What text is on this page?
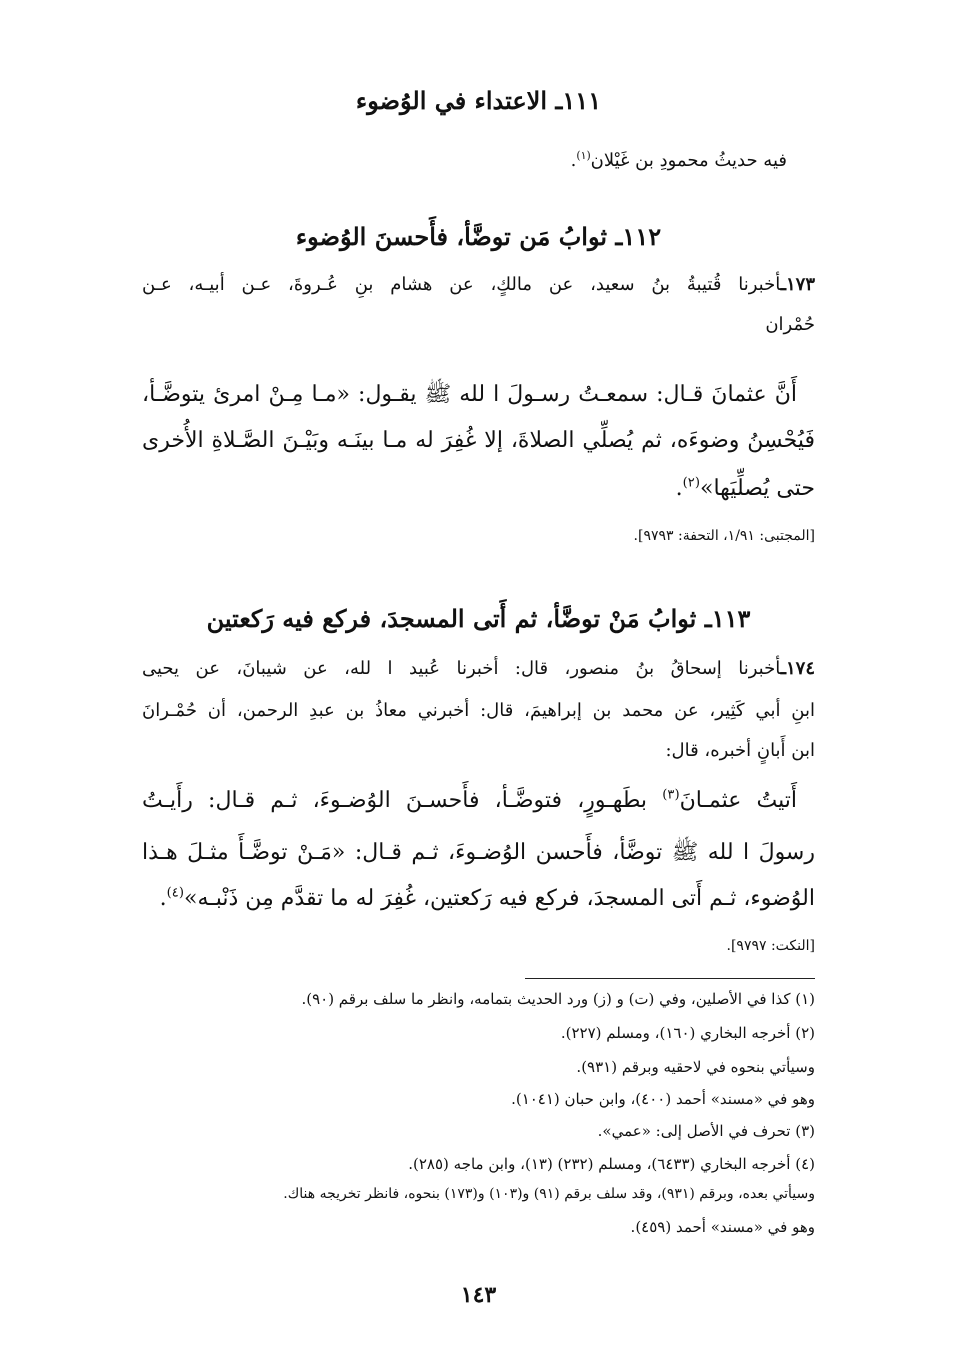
١١١ـ الاعتداء في الوُضوء
فيه حديثُ محمودِ بن غَيْلان$^{(١)}$.
١١٢ـ ثوابُ مَن توضَّأ، فأَحسنَ الوُضوء
١٧٣ـأخبرنا قُتيبةُ بنُ سعيد، عن مالكٍ، عن هشام بنِ عُـروةَ، عـن أبيـه، عـن
حُمْران
أَنَّ عثمانَ قـال: سمعـتُ رسـولَ ا لله ﷺ يقـول: «مـا مِـنْ امرئ يتوضَّـأ،
فَيُحْسِنُ وضوءَه، ثم يُصلِّي الصلاةَ، إلا غُفِرَ له مـا بينَـه وبَيْـنَ الصَّـلاةِ الأُخرى
حتى يُصلِّيَها»$^{(٢)}$.
[المجتبى: ١/٩١، التحفة: ٩٧٩٣].
١١٣ـ ثوابُ مَنْ توضَّأ، ثم أَتى المسجدَ، فركع فيه رَكعتين
١٧٤ـأخبرنا إسحاقُ بنُ منصور، قال: أخبرنا عُبيد ا لله، عن شيبانَ، عن يحيى
ابنِ أبي كَثِير، عن محمد بن إبراهيمَ، قال: أخبرني معاذُ بن عبدِ الرحمن، أن حُمْـرانَ
ابن أَبانٍ أخبره، قال:
أَتيتُ عثمـانَ$^{(٣)}$ بطَهـورٍ، فتوضَّـأ، فأَحسـنَ الوُضـوءَ، ثـم قـال: رأَيـتُ
رسولَ ا لله ﷺ توضَّأ، فأَحسن الوُضـوءَ، ثـم قـال: «مَـنْ توضَّـأَ مثـلَ هـذا
الوُضوء، ثـم أَتى المسجدَ، فركع فيه رَكعتين، غُفِرَ له ما تقدَّم مِن ذَنْبـه»$^{(٤)}$.
[النكت: ٩٧٩٧].
(١) كذا في الأصلين، وفي (ت) و (ز) ورد الحديث بتمامه، وانظر ما سلف برقم (٩٠).
(٢) أخرجه البخاري (١٦٠)، ومسلم (٢٢٧).
وسيأتي بنحوه في لاحقيه وبرقم (٩٣١).
وهو في «مسند» أحمد (٤٠٠)، وابن حبان (١٠٤١).
(٣) تحرف في الأصل إلى: «عمي».
(٤) أخرجه البخاري (٦٤٣٣)، ومسلم (٢٣٢) (١٣)، وابن ماجه (٢٨٥).
وسيأتي بعده، وبرقم (٩٣١)، وقد سلف برقم (٩١) و(١٠٣) و(١٧٣) بنحوه، فانظر تخريجه هناك.
وهو في «مسند» أحمد (٤٥٩).
١٤٣
